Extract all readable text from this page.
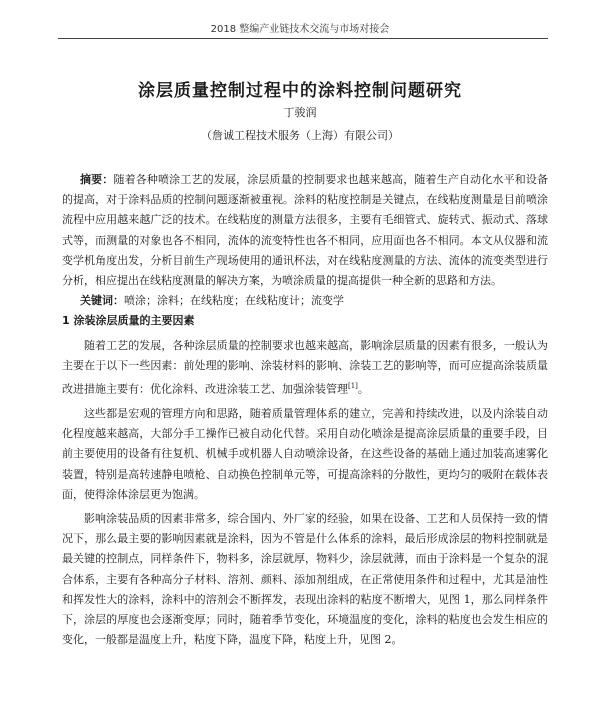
2018 整编产业链技术交流与市场对接会
涂层质量控制过程中的涂料控制问题研究
丁骏润
（詹诚工程技术服务（上海）有限公司）

摘要：随着各种喷涂工艺的发展，涂层质量的控制要求也越来越高，随着生产自动化水平和设备的提高，对于涂料品质的控制问题逐渐被重视。涂料的粘度控制是关键点，在线粘度测量是目前喷涂流程中应用越来越广泛的技术。在线粘度的测量方法很多，主要有毛细管式、旋转式、振动式、落球式等，而测量的对象也各不相同，流体的流变特性也各不相同，应用面也各不相同。本文从仪器和流变学机角度出发，分析目前生产现场使用的通讯杯法，对在线粘度测量的方法、流体的流变类型进行分析，相应提出在线粘度测量的解决方案，为喷涂质量的提高提供一种全新的思路和方法。

关键词：喷涂；涂料；在线粘度；在线粘度计；流变学

1 涂装涂层质量的主要因素

随着工艺的发展，各种涂层质量的控制要求也越来越高，影响涂层质量的因素有很多，一般认为主要在于以下一些因素：前处理的影响、涂装材料的影响、涂装工艺的影响等，而可应提高涂装质量改进措施主要有：优化涂料、改进涂装工艺、加强涂装管理[1]。

这些都是宏观的管理方向和思路，随着质量管理体系的建立，完善和持续改进，以及内涂装自动化程度越来越高，大部分手工操作已被自动化代替。采用自动化喷涂是提高涂层质量的重要手段，目前主要使用的设备有往复机、机械手或机器人自动喷涂设备，在这些设备的基础上通过加装高速雾化装置，特别是高转速静电喷枪、自动换色控制单元等，可提高涂料的分散性，更均匀的吸附在载体表面，使得涂体涂层更为饱满。

影响涂装品质的因素非常多，综合国内、外厂家的经验，如果在设备、工艺和人员保持一致的情况下，那么最主要的影响因素就是涂料，因为不管是什么体系的涂料，最后形成涂层的物料控制就是最关键的控制点，同样条件下，物料多，涂层就厚，物料少，涂层就薄，而由于涂料是一个复杂的混合体系，主要有各种高分子材料、溶剂、颜料、添加剂组成，在正常使用条件和过程中，尤其是油性和挥发性大的涂料，涂料中的溶剂会不断挥发，表现出涂料的粘度不断增大，见图 1，那么同样条件下，涂层的厚度也会逐渐变厚；同时，随着季节变化，环境温度的变化，涂料的粘度也会发生相应的变化，一般都是温度上升，粘度下降，温度下降，粘度上升，见图 2。
